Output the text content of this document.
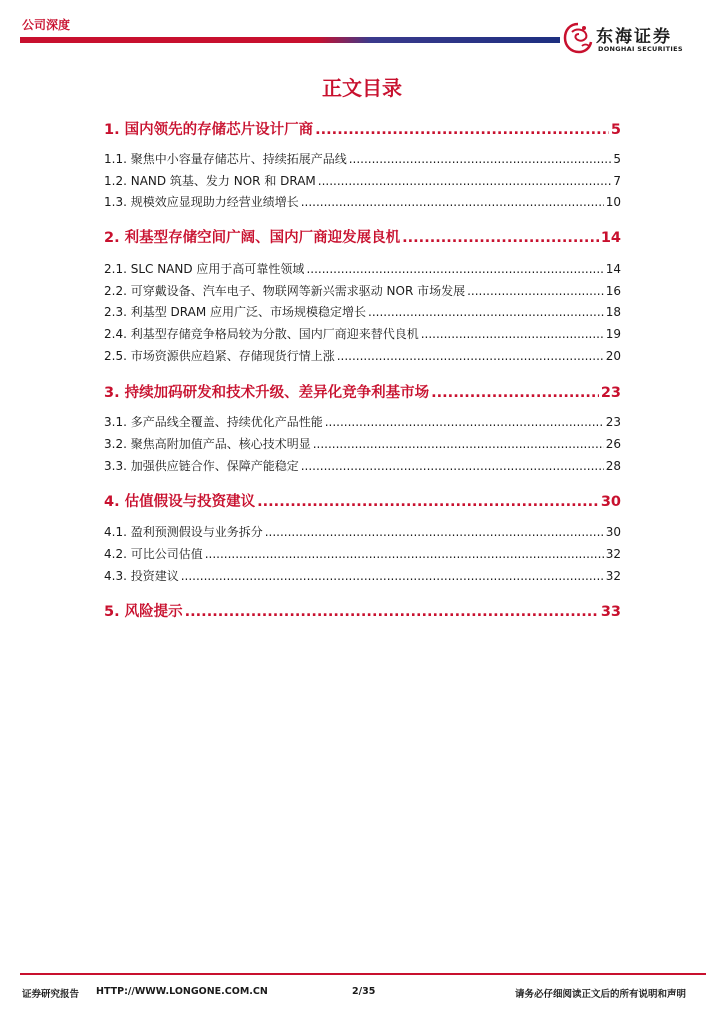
公司深度
东海证券
DONGHAI SECURITIES
正文目录
1. 国内领先的存储芯片设计厂商 .....	5
1.1. 聚焦中小容量存储芯片、持续拓展产品线 .....	5
1.2. NAND 筑基、发力 NOR 和 DRAM .....	7
1.3. 规模效应显现助力经营业绩增长 .....	10
2. 利基型存储空间广阔、国内厂商迎发展良机 .....	14
2.1. SLC NAND 应用于高可靠性领域 .....	14
2.2. 可穿戴设备、汽车电子、物联网等新兴需求驱动 NOR 市场发展 .....	16
2.3. 利基型 DRAM 应用广泛、市场规模稳定增长 .....	18
2.4. 利基型存储竞争格局较为分散、国内厂商迎来替代良机 .....	19
2.5. 市场资源供应趋紧、存储现货行情上涨 .....	20
3. 持续加码研发和技术升级、差异化竞争利基市场 .....	23
3.1. 多产品线全覆盖、持续优化产品性能 .....	23
3.2. 聚焦高附加值产品、核心技术明显 .....	26
3.3. 加强供应链合作、保障产能稳定 .....	28
4. 估值假设与投资建议 .....	30
4.1. 盈利预测假设与业务拆分 .....	30
4.2. 可比公司估值 .....	32
4.3. 投资建议 .....	32
5. 风险提示 .....	33
证券研究报告 HTTP://WWW.LONGONE.COM.CN	2/35	请务必仔细阅读正文后的所有说明和声明
